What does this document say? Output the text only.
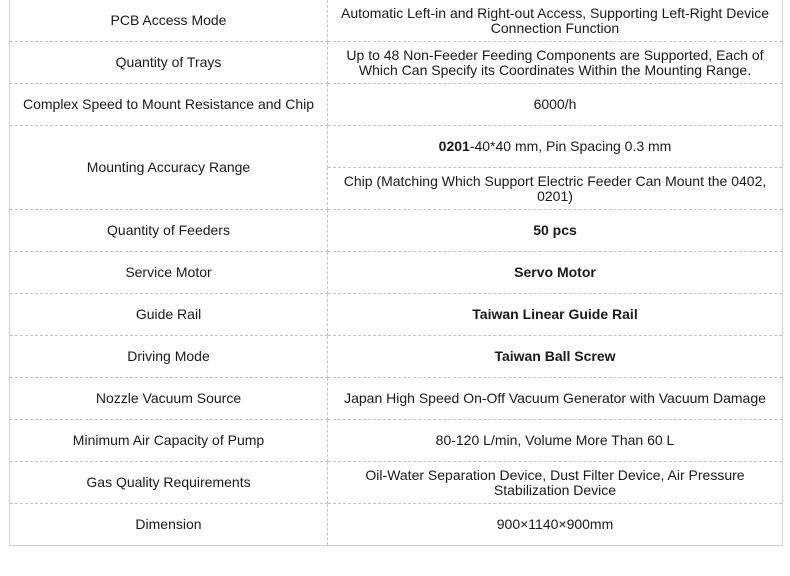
PCB Access Mode	Automatic Left-in and Right-out Access, Supporting Left-Right Device Connection Function
Quantity of Trays	Up to 48 Non-Feeder Feeding Components are Supported, Each of Which Can Specify its Coordinates Within the Mounting Range.
Complex Speed to Mount Resistance and Chip	6000/h
Mounting Accuracy Range	0201-40*40 mm, Pin Spacing 0.3 mm
	Chip (Matching Which Support Electric Feeder Can Mount the 0402, 0201)
Quantity of Feeders	50 pcs
Service Motor	Servo Motor
Guide Rail	Taiwan Linear Guide Rail
Driving Mode	Taiwan Ball Screw
Nozzle Vacuum Source	Japan High Speed On-Off Vacuum Generator with Vacuum Damage
Minimum Air Capacity of Pump	80-120 L/min, Volume More Than 60 L
Gas Quality Requirements	Oil-Water Separation Device, Dust Filter Device, Air Pressure Stabilization Device
Dimension	900×1140×900mm
